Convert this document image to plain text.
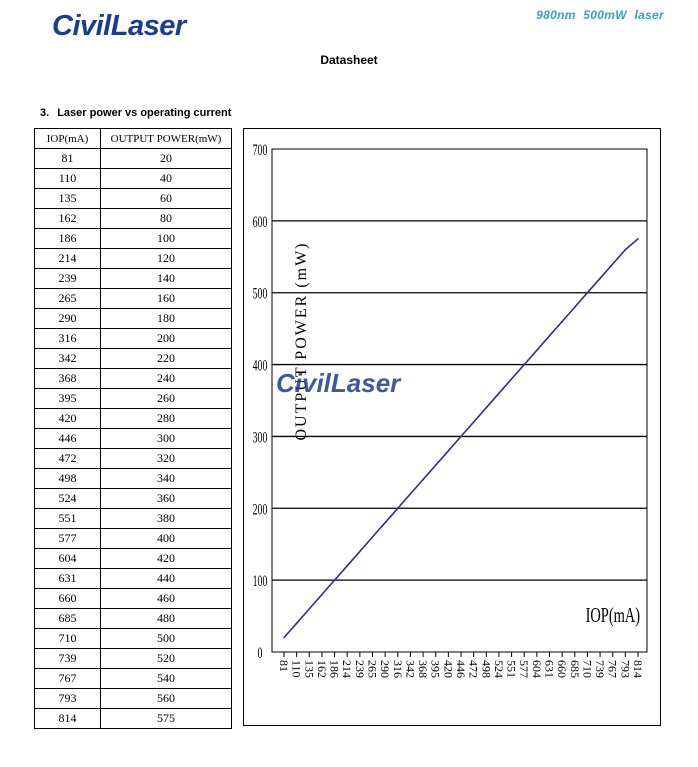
CivilLaser	980nm 500mW laser
Datasheet
3. Laser power vs operating current
IOP(mA)	OUTPUT POWER(mW)
81	20
110	40
135	60
162	80
186	100
214	120
239	140
265	160
290	180
316	200
342	220
368	240
395	260
420	280
446	300
472	320
498	340
524	360
551	380
577	400
604	420
631	440
660	460
685	480
710	500
739	520
767	540
793	560
814	575
0
100
200
300
400
500
600
700
OUTPUT POWER (mW)
IOP(mA)
81
110
135
162
186
214
239
265
290
316
342
368
395
420
446
472
498
524
551
577
604
631
660
685
710
739
767
793
814
CivilLaser
